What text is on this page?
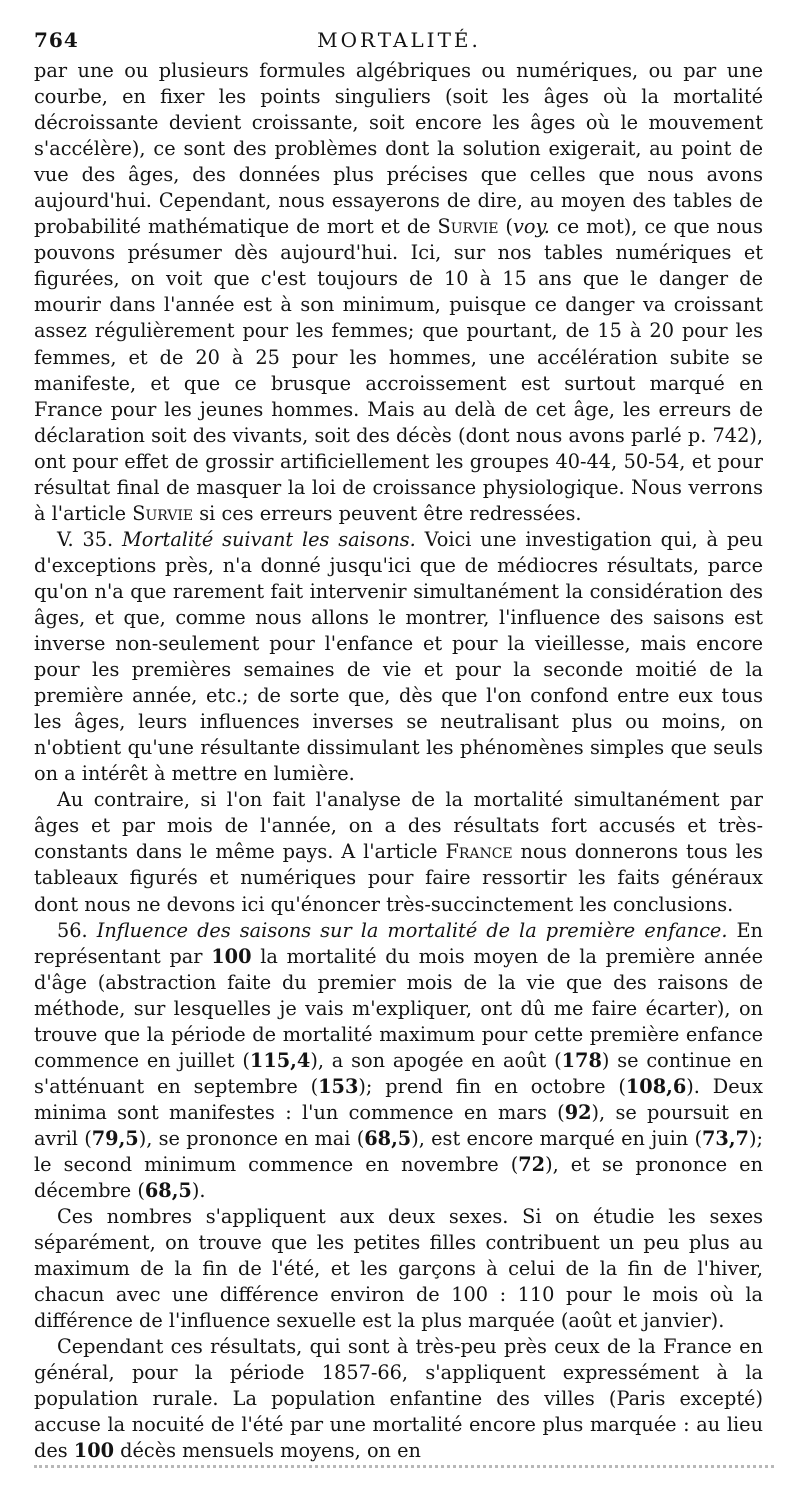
764	MORTALITÉ.

par une ou plusieurs formules algébriques ou numériques, ou par une courbe, en fixer les points singuliers (soit les âges où la mortalité décroissante devient croissante, soit encore les âges où le mouvement s'accélère), ce sont des problèmes dont la solution exigerait, au point de vue des âges, des données plus précises que celles que nous avons aujourd'hui. Cependant, nous essayerons de dire, au moyen des tables de probabilité mathématique de mort et de Survie (voy. ce mot), ce que nous pouvons présumer dès aujourd'hui. Ici, sur nos tables numériques et figurées, on voit que c'est toujours de 10 à 15 ans que le danger de mourir dans l'année est à son minimum, puisque ce danger va croissant assez régulièrement pour les femmes; que pourtant, de 15 à 20 pour les femmes, et de 20 à 25 pour les hommes, une accélération subite se manifeste, et que ce brusque accroissement est surtout marqué en France pour les jeunes hommes. Mais au delà de cet âge, les erreurs de déclaration soit des vivants, soit des décès (dont nous avons parlé p. 742), ont pour effet de grossir artificiellement les groupes 40-44, 50-54, et pour résultat final de masquer la loi de croissance physiologique. Nous verrons à l'article Survie si ces erreurs peuvent être redressées.

V. 35. Mortalité suivant les saisons. Voici une investigation qui, à peu d'exceptions près, n'a donné jusqu'ici que de médiocres résultats, parce qu'on n'a que rarement fait intervenir simultanément la considération des âges, et que, comme nous allons le montrer, l'influence des saisons est inverse non-seulement pour l'enfance et pour la vieillesse, mais encore pour les premières semaines de vie et pour la seconde moitié de la première année, etc.; de sorte que, dès que l'on confond entre eux tous les âges, leurs influences inverses se neutralisant plus ou moins, on n'obtient qu'une résultante dissimulant les phénomènes simples que seuls on a intérêt à mettre en lumière.

Au contraire, si l'on fait l'analyse de la mortalité simultanément par âges et par mois de l'année, on a des résultats fort accusés et très-constants dans le même pays. A l'article France nous donnerons tous les tableaux figurés et numériques pour faire ressortir les faits généraux dont nous ne devons ici qu'énoncer très-succinctement les conclusions.

56. Influence des saisons sur la mortalité de la première enfance. En représentant par 100 la mortalité du mois moyen de la première année d'âge (abstraction faite du premier mois de la vie que des raisons de méthode, sur lesquelles je vais m'expliquer, ont dû me faire écarter), on trouve que la période de mortalité maximum pour cette première enfance commence en juillet (115,4), a son apogée en août (178) se continue en s'atténuant en septembre (153); prend fin en octobre (108,6). Deux minima sont manifestes : l'un commence en mars (92), se poursuit en avril (79,5), se prononce en mai (68,5), est encore marqué en juin (73,7); le second minimum commence en novembre (72), et se prononce en décembre (68,5).

Ces nombres s'appliquent aux deux sexes. Si on étudie les sexes séparément, on trouve que les petites filles contribuent un peu plus au maximum de la fin de l'été, et les garçons à celui de la fin de l'hiver, chacun avec une différence environ de 100 : 110 pour le mois où la différence de l'influence sexuelle est la plus marquée (août et janvier).

Cependant ces résultats, qui sont à très-peu près ceux de la France en général, pour la période 1857-66, s'appliquent expressément à la population rurale. La population enfantine des villes (Paris excepté) accuse la nocuité de l'été par une mortalité encore plus marquée : au lieu des 100 décès mensuels moyens, on en
